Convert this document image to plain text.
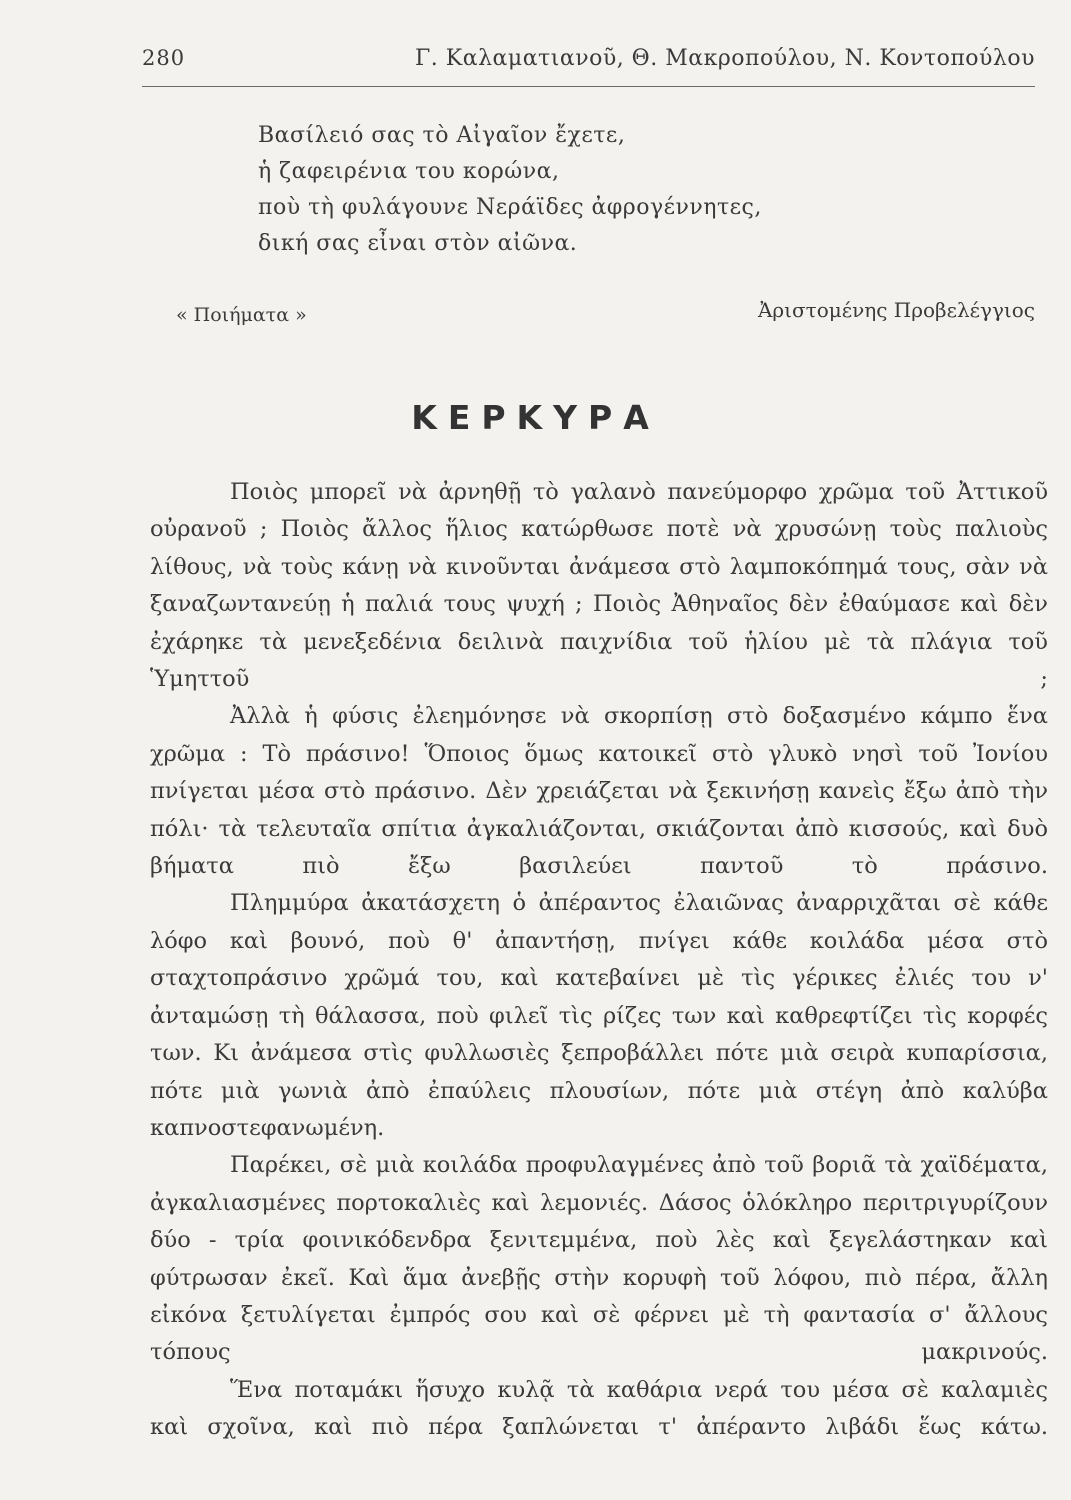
280	Γ. Καλαματιανοῦ, Θ. Μακροπούλου, Ν. Κοντοπούλου
Βασίλειό σας τὸ Αἰγαῖον ἔχετε,
ἡ ζαφειρένια του κορώνα,
ποὺ τὴ φυλάγουνε Νεράϊδες ἀφρογέννητες,
δική σας εἶναι στὸν αἰῶνα.
« Ποιήματα »	Ἀριστομένης Προβελέγγιος
ΚΕΡΚΥΡΑ

Ποιὸς μπορεῖ νὰ ἀρνηθῇ τὸ γαλανὸ πανεύμορφο χρῶμα τοῦ Ἀττικοῦ οὐρανοῦ ; Ποιὸς ἄλλος ἥλιος κατώρθωσε ποτὲ νὰ χρυσώνῃ τοὺς παλιοὺς λίθους, νὰ τοὺς κάνῃ νὰ κινοῦνται ἀνάμεσα στὸ λαμποκόπημά τους, σὰν νὰ ξαναζωντανεύῃ ἡ παλιά τους ψυχή ; Ποιὸς Ἀθηναῖος δὲν ἐθαύμασε καὶ δὲν ἐχάρηκε τὰ μενεξεδένια δειλινὰ παιχνίδια τοῦ ἡλίου μὲ τὰ πλάγια τοῦ Ὑμηττοῦ ;

Ἀλλὰ ἡ φύσις ἐλεημόνησε νὰ σκορπίσῃ στὸ δοξασμένο κάμπο ἕνα χρῶμα : Τὸ πράσινο! Ὅποιος ὅμως κατοικεῖ στὸ γλυκὸ νησὶ τοῦ Ἰονίου πνίγεται μέσα στὸ πράσινο. Δὲν χρειάζεται νὰ ξεκινήσῃ κανεὶς ἔξω ἀπὸ τὴν πόλι· τὰ τελευταῖα σπίτια ἀγκαλιάζονται, σκιάζονται ἀπὸ κισσούς, καὶ δυὸ βήματα πιὸ ἔξω βασιλεύει παντοῦ τὸ πράσινο.

Πλημμύρα ἀκατάσχετη ὁ ἀπέραντος ἐλαιῶνας ἀναρριχᾶται σὲ κάθε λόφο καὶ βουνό, ποὺ θ' ἀπαντήσῃ, πνίγει κάθε κοιλάδα μέσα στὸ σταχτοπράσινο χρῶμά του, καὶ κατεβαίνει μὲ τὶς γέρικες ἐλιές του ν' ἀνταμώσῃ τὴ θάλασσα, ποὺ φιλεῖ τὶς ρίζες των καὶ καθρεφτίζει τὶς κορφές των. Κι ἀνάμεσα στὶς φυλλωσιὲς ξεπροβάλλει πότε μιὰ σειρὰ κυπαρίσσια, πότε μιὰ γωνιὰ ἀπὸ ἐπαύλεις πλουσίων, πότε μιὰ στέγη ἀπὸ καλύβα καπνοστεφανωμένη.

Παρέκει, σὲ μιὰ κοιλάδα προφυλαγμένες ἀπὸ τοῦ βοριᾶ τὰ χαϊδέματα, ἀγκαλιασμένες πορτοκαλιὲς καὶ λεμονιές. Δάσος ὁλόκληρο περιτριγυρίζουν δύο - τρία φοινικόδενδρα ξενιτεμμένα, ποὺ λὲς καὶ ξεγελάστηκαν καὶ φύτρωσαν ἐκεῖ. Καὶ ἅμα ἀνεβῇς στὴν κορυφὴ τοῦ λόφου, πιὸ πέρα, ἄλλη εἰκόνα ξετυλίγεται ἐμπρός σου καὶ σὲ φέρνει μὲ τὴ φαντασία σ' ἄλλους τόπους μακρινούς.

Ἕνα ποταμάκι ἥσυχο κυλᾷ τὰ καθάρια νερά του μέσα σὲ καλαμιὲς καὶ σχοῖνα, καὶ πιὸ πέρα ξαπλώνεται τ' ἀπέραντο λιβάδι ἕως κάτω.
